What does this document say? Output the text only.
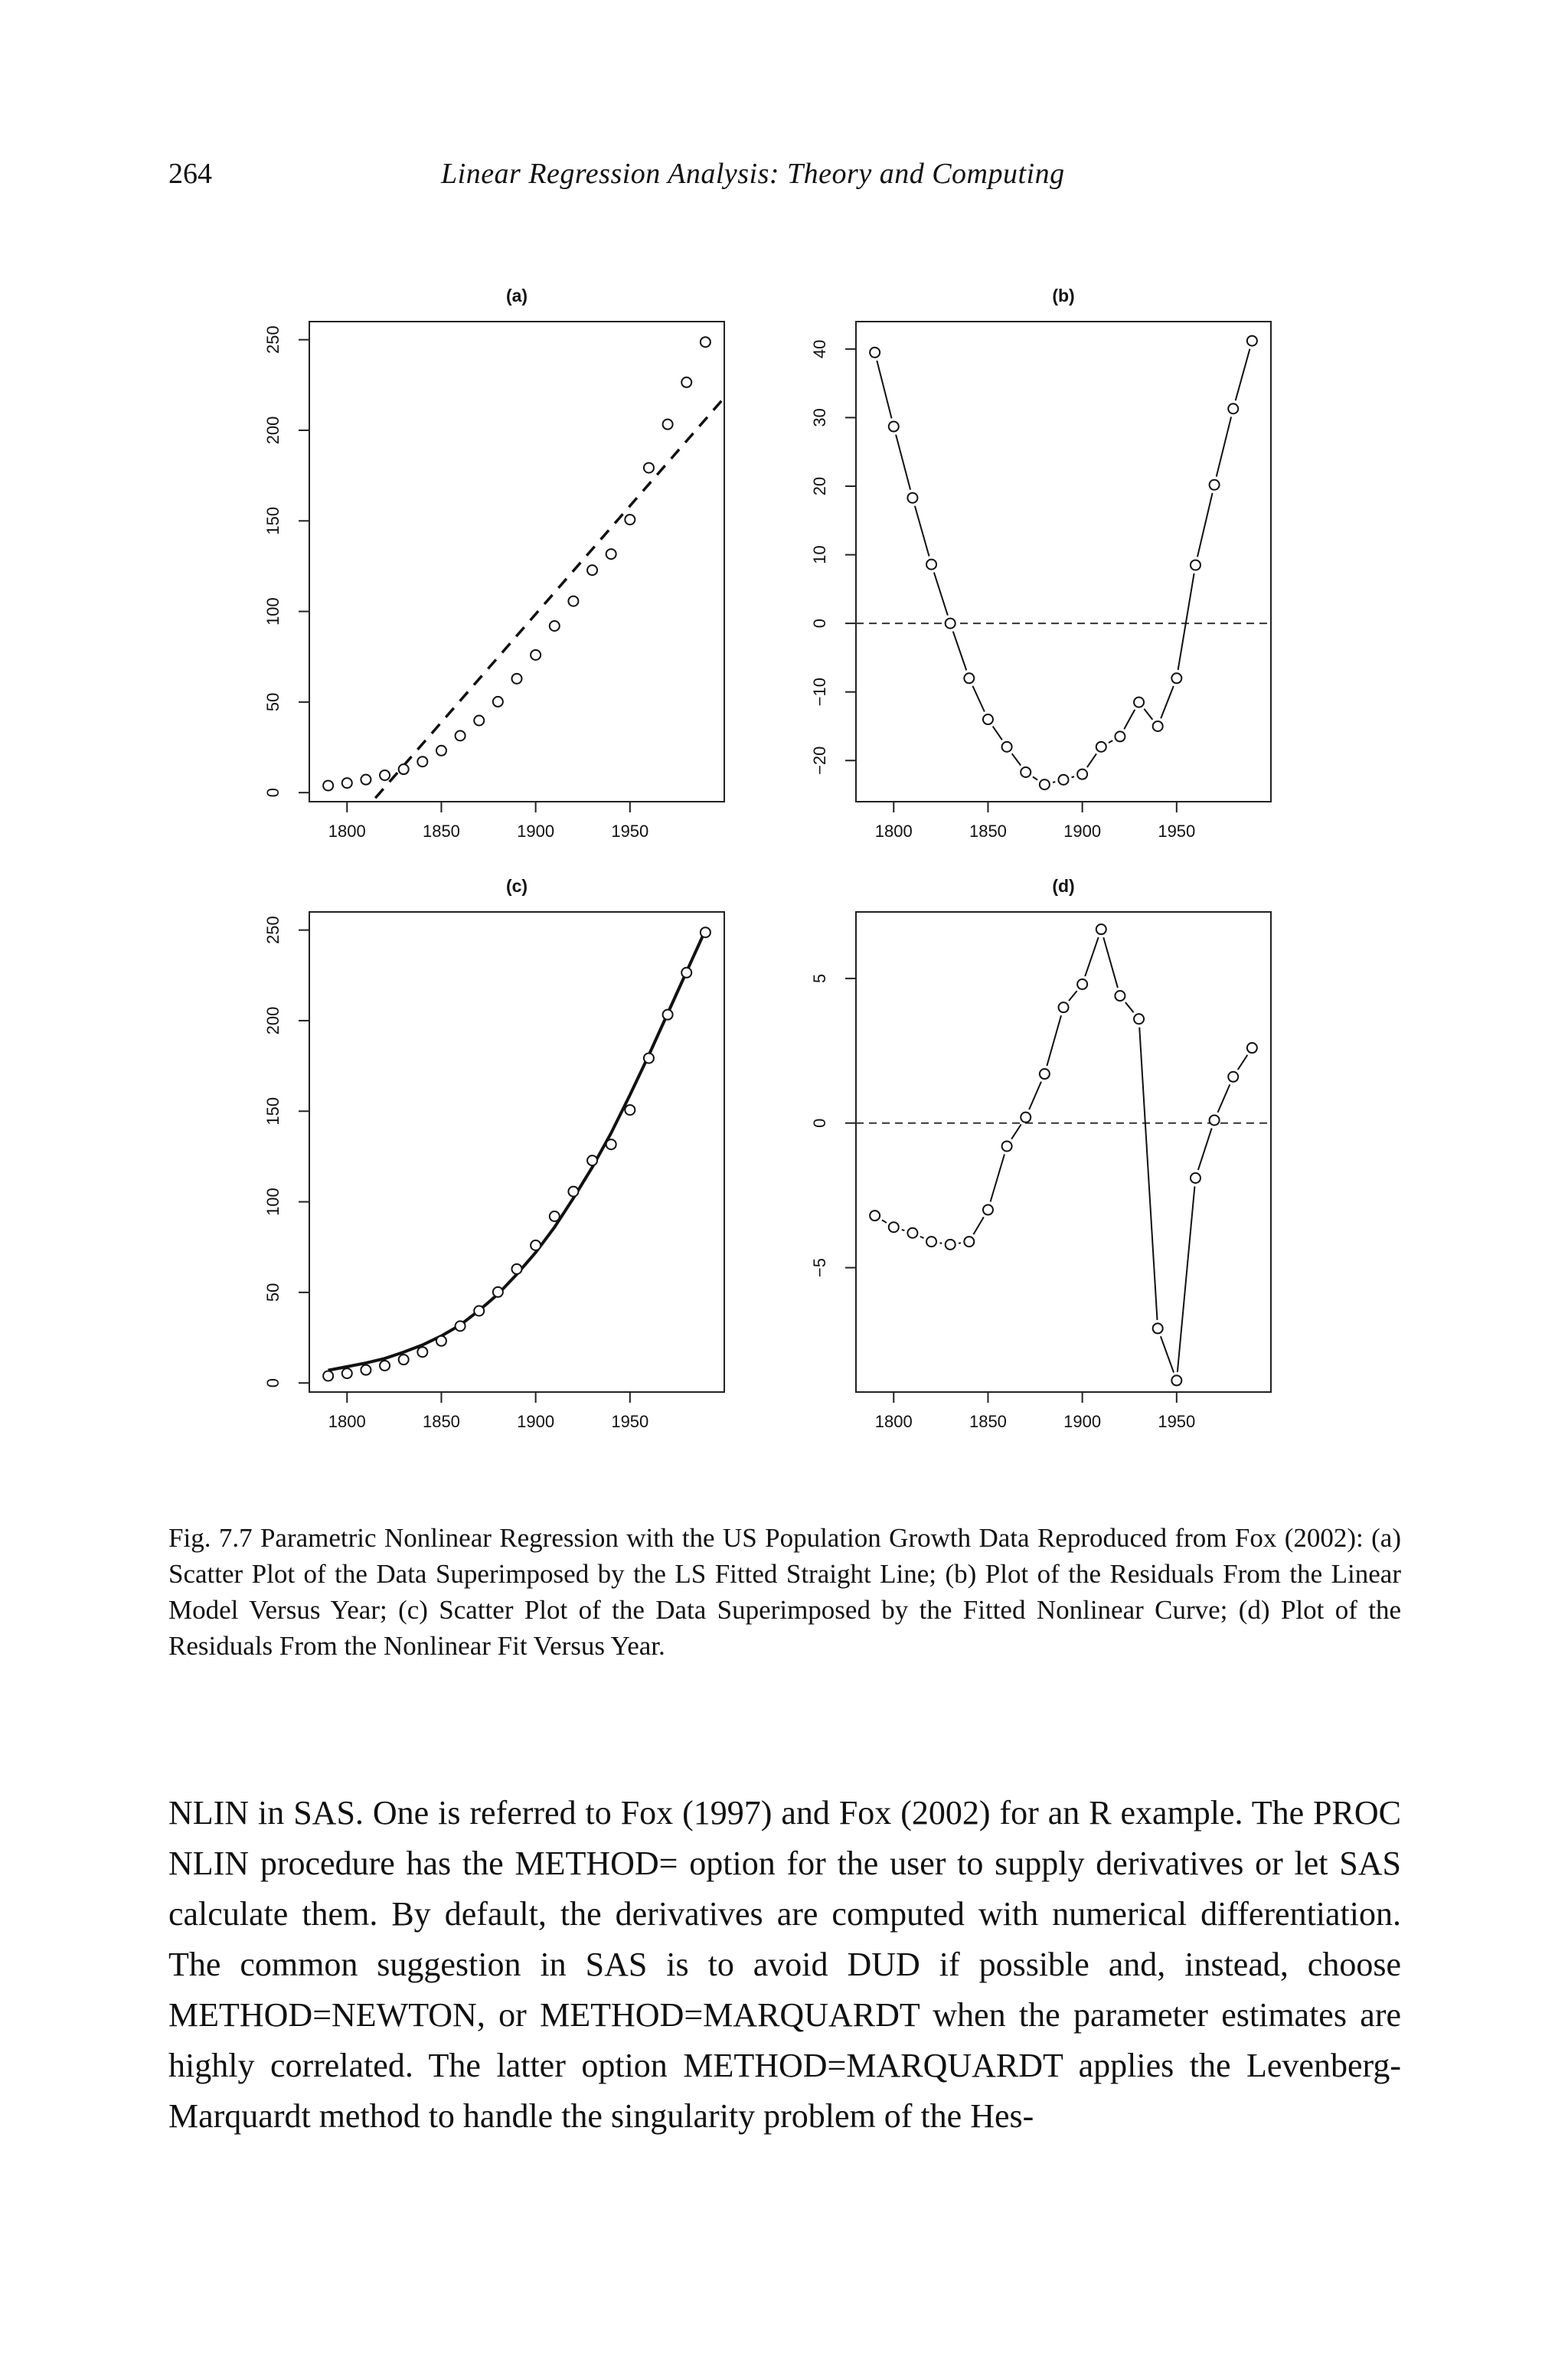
264	Linear Regression Analysis: Theory and Computing
(a)
1800	1850	1900	1950
0
50
100
150
200
250
(b)
1800	1850	1900	1950
−20
−10
0
10
20
30
40
(c)
1800	1850	1900	1950
0
50
100
150
200
250
(d)
1800	1850	1900	1950
−5
0
5
Fig. 7.7 Parametric Nonlinear Regression with the US Population Growth Data Reproduced from Fox (2002): (a) Scatter Plot of the Data Superimposed by the LS Fitted Straight Line; (b) Plot of the Residuals From the Linear Model Versus Year; (c) Scatter Plot of the Data Superimposed by the Fitted Nonlinear Curve; (d) Plot of the Residuals From the Nonlinear Fit Versus Year.
NLIN in SAS. One is referred to Fox (1997) and Fox (2002) for an R example. The PROC NLIN procedure has the METHOD= option for the user to supply derivatives or let SAS calculate them. By default, the derivatives are computed with numerical differentiation. The common suggestion in SAS is to avoid DUD if possible and, instead, choose METHOD=NEWTON, or METHOD=MARQUARDT when the parameter estimates are highly correlated. The latter option METHOD=MARQUARDT applies the Levenberg-Marquardt method to handle the singularity problem of the Hes-
